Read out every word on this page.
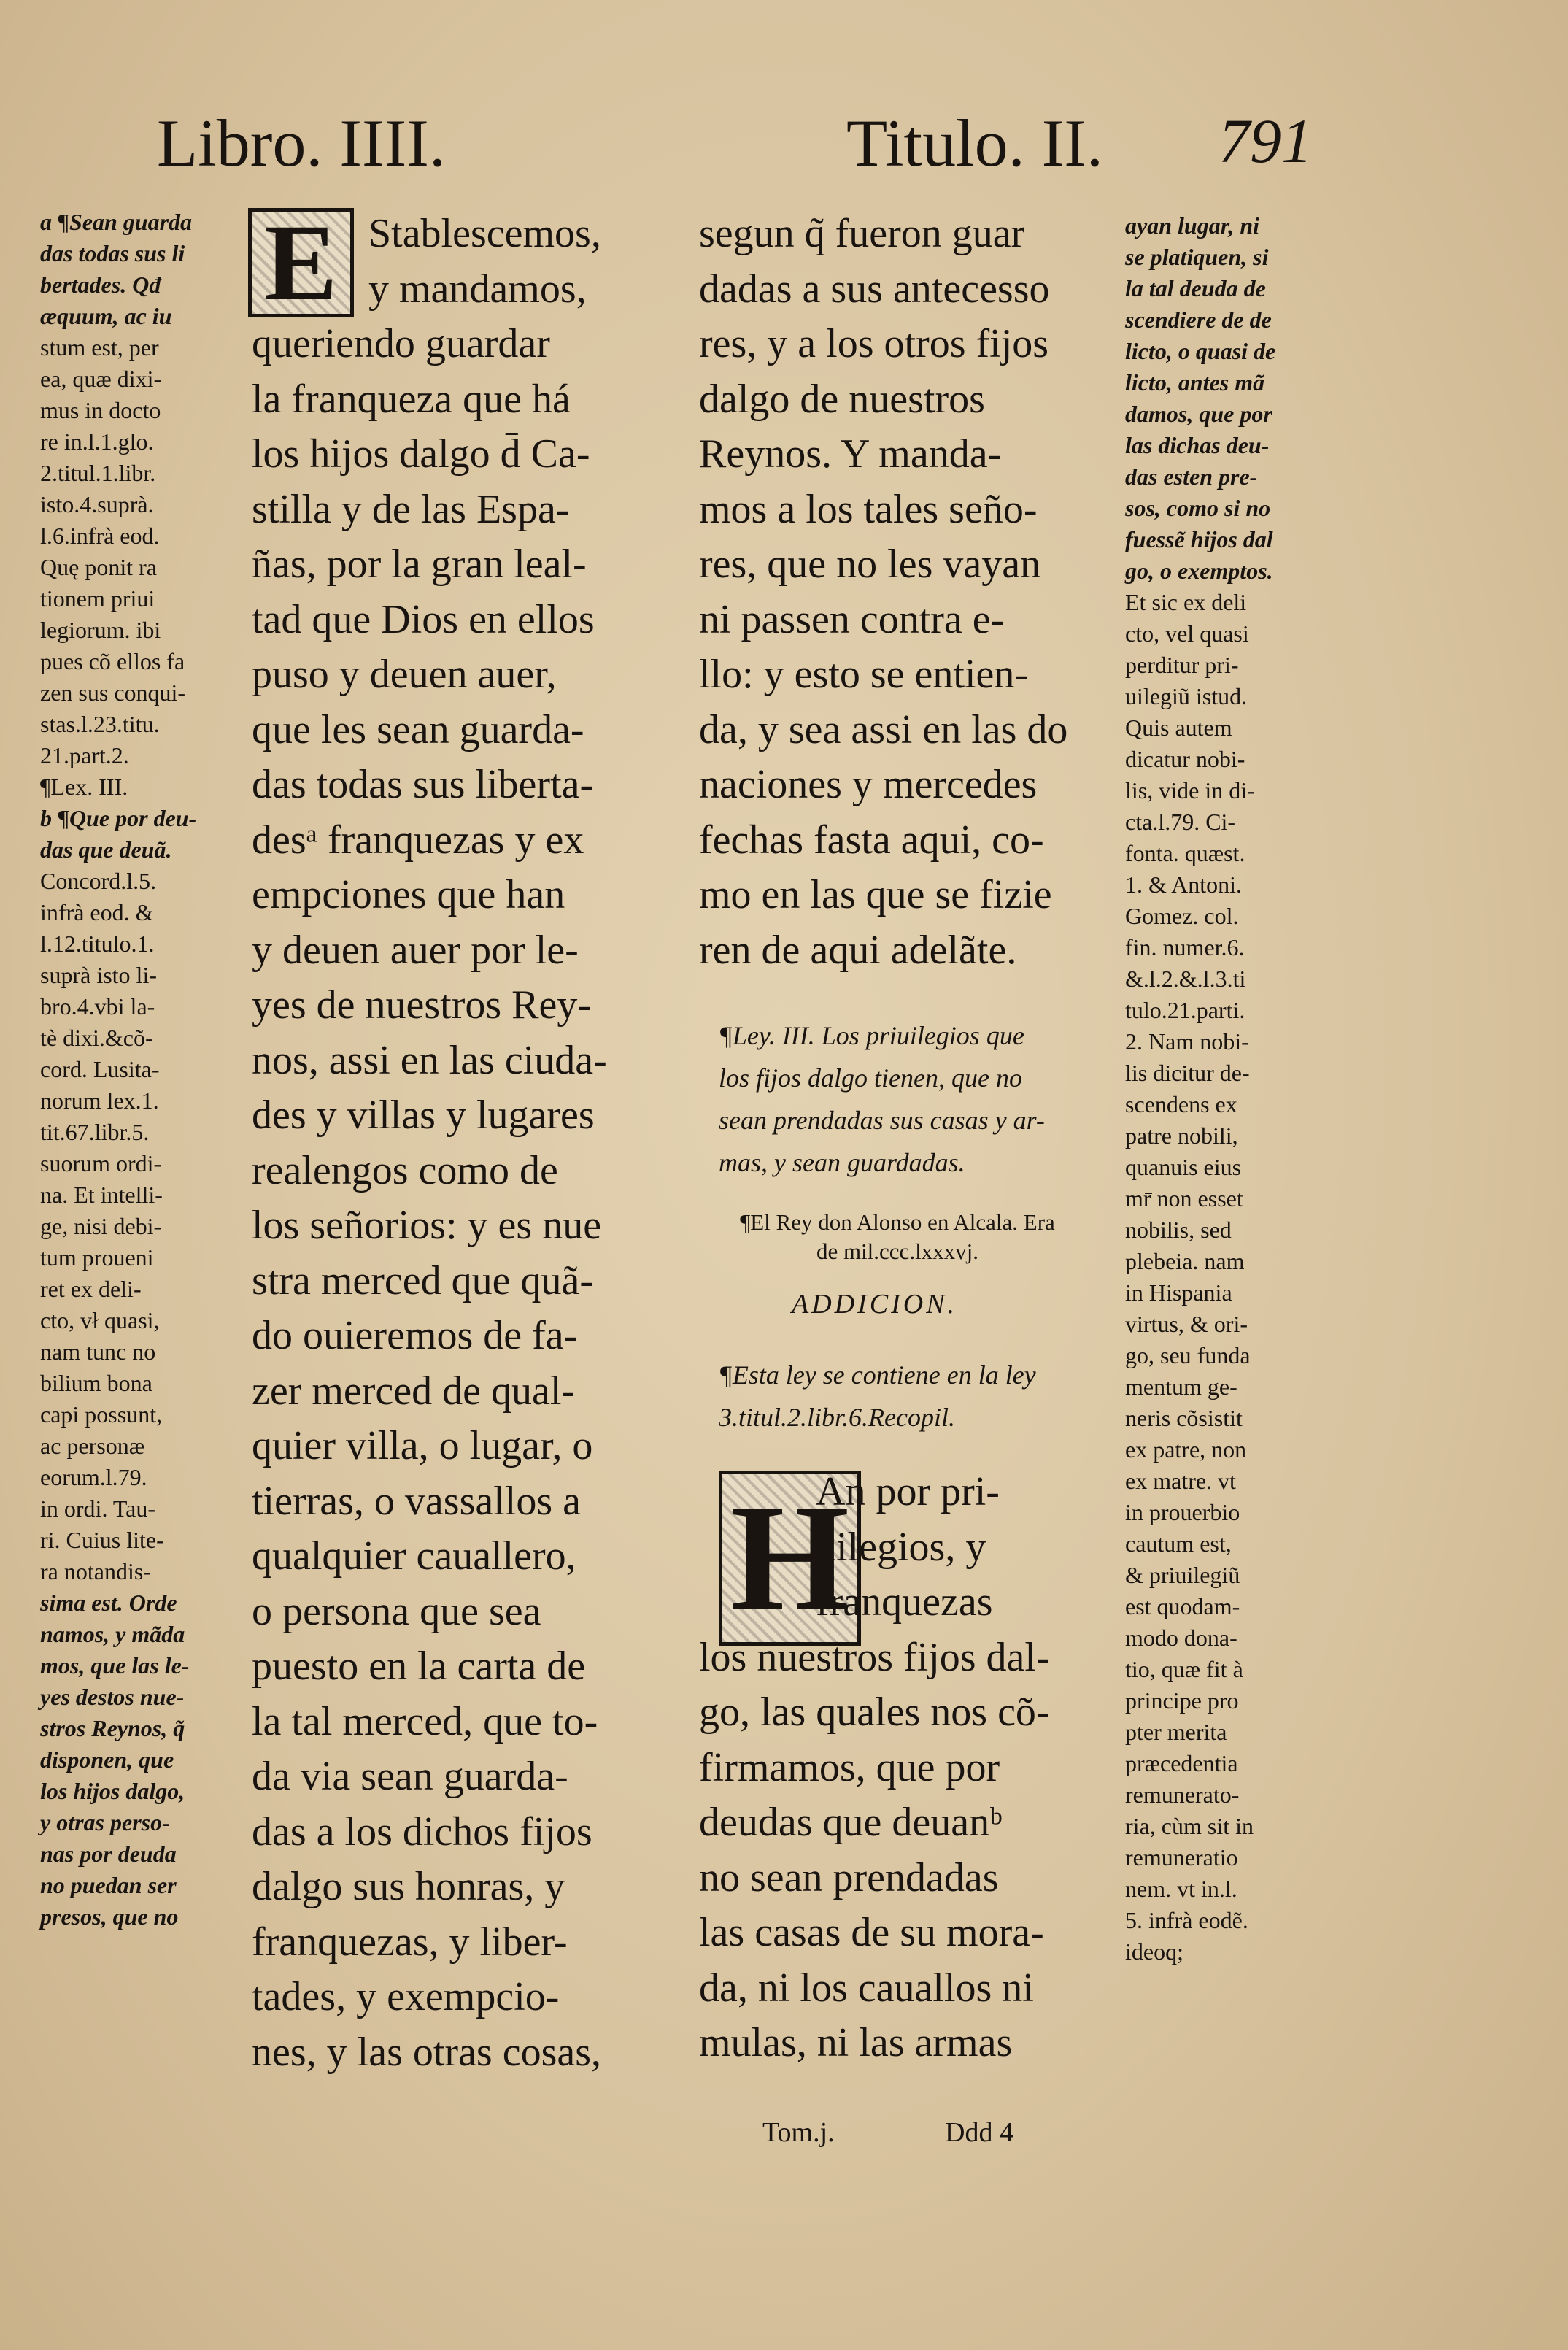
Libro. IIII.	Titulo. II. 791
a ¶Sean guarda
das todas sus li
bertades. Qđ
æquum, ac iu
stum est, per
ea, quæ dixi-
mus in docto
re in.l.1.glo.
2.titul.1.libr.
isto.4.suprà.
l.6.infrà eod.
Quę ponit ra
tionem priui
legiorum. ibi
pues cõ ellos fa
zen sus conqui-
stas.l.23.titu.
21.part.2.
¶Lex. III.
b ¶Que por deu-
das que deuã.
Concord.l.5.
infrà eod. &
l.12.titulo.1.
suprà isto li-
bro.4.vbi la-
tè dixi.&cõ-
cord. Lusita-
norum lex.1.
tit.67.libr.5.
suorum ordi-
na. Et intelli-
ge, nisi debi-
tum proueni
ret ex deli-
cto, vł quasi,
nam tunc no
bilium bona
capi possunt,
ac personæ
eorum.l.79.
in ordi. Tau-
ri. Cuius lite-
ra notandis-
sima est. Orde
namos, y mãda
mos, que las le-
yes destos nue-
stros Reynos, q̃
disponen, que
los hijos dalgo,
y otras perso-
nas por deuda
no puedan ser
presos, que no
E Stablescemos,
y mandamos,
queriendo guardar
la franqueza que há
los hijos dalgo d̄ Ca-
stilla y de las Espa-
ñas, por la gran leal-
tad que Dios en ellos
puso y deuen auer,
que les sean guarda-
das todas sus liberta-
desᵃ franquezas y ex
empciones que han
y deuen auer por le-
yes de nuestros Rey-
nos, assi en las ciuda-
des y villas y lugares
realengos como de
los señorios: y es nue
stra merced que quã-
do ouieremos de fa-
zer merced de qual-
quier villa, o lugar, o
tierras, o vassallos a
qualquier cauallero,
o persona que sea
puesto en la carta de
la tal merced, que to-
da via sean guarda-
das a los dichos fijos
dalgo sus honras, y
franquezas, y liber-
tades, y exempcio-
nes, y las otras cosas,
segun q̃ fueron guar
dadas a sus antecesso
res, y a los otros fijos
dalgo de nuestros
Reynos. Y manda-
mos a los tales seño-
res, que no les vayan
ni passen contra e-
llo: y esto se entien-
da, y sea assi en las do
naciones y mercedes
fechas fasta aqui, co-
mo en las que se fizie
ren de aqui adelãte.
¶Ley. III. Los priuilegios que
los fijos dalgo tienen, que no
sean prendadas sus casas y ar-
mas, y sean guardadas.
¶El Rey don Alonso en Alcala. Era
de mil.ccc.lxxxvj.
ADDICION.
¶Esta ley se contiene en la ley
3.titul.2.libr.6.Recopil.
H
An por pri-
uilegios, y
franquezas
los nuestros fijos dal-
go, las quales nos cõ-
firmamos, que por
deudas que deuanᵇ
no sean prendadas
las casas de su mora-
da, ni los cauallos ni
mulas, ni las armas
ayan lugar, ni
se platiquen, si
la tal deuda de
scendiere de de
licto, o quasi de
licto, antes mã
damos, que por
las dichas deu-
das esten pre-
sos, como si no
fuessẽ hijos dal
go, o exemptos.
Et sic ex deli
cto, vel quasi
perditur pri-
uilegiũ istud.
Quis autem
dicatur nobi-
lis, vide in di-
cta.l.79. Ci-
fonta. quæst.
1. & Antoni.
Gomez. col.
fin. numer.6.
&.l.2.&.l.3.ti
tulo.21.parti.
2. Nam nobi-
lis dicitur de-
scendens ex
patre nobili,
quanuis eius
mr̄ non esset
nobilis, sed
plebeia. nam
in Hispania
virtus, & ori-
go, seu funda
mentum ge-
neris cõsistit
ex patre, non
ex matre. vt
in prouerbio
cautum est,
& priuilegiũ
est quodam-
modo dona-
tio, quæ fit à
principe pro
pter merita
præcedentia
remunerato-
ria, cùm sit in
remuneratio
nem. vt in.l.
5. infrà eodẽ.
ideoq;
Tom.j.	Ddd 4
